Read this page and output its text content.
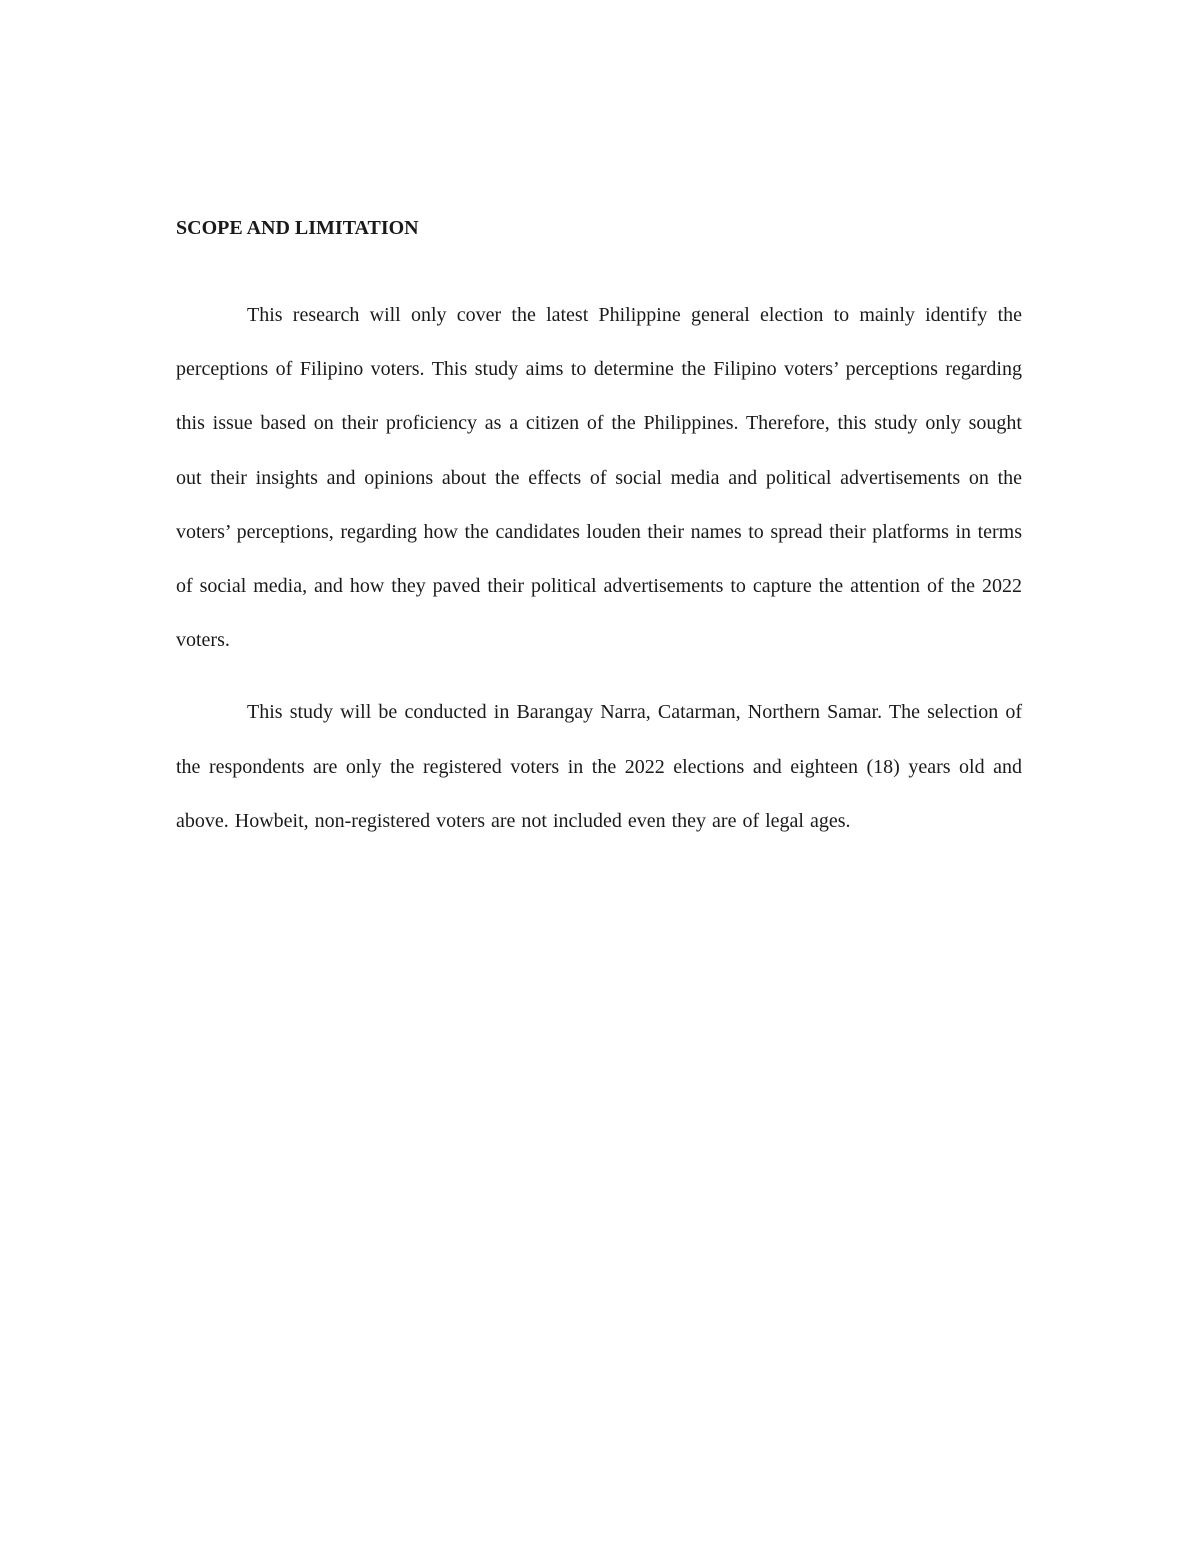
SCOPE AND LIMITATION

This research will only cover the latest Philippine general election to mainly identify the perceptions of Filipino voters. This study aims to determine the Filipino voters’ perceptions regarding this issue based on their proficiency as a citizen of the Philippines. Therefore, this study only sought out their insights and opinions about the effects of social media and political advertisements on the voters’ perceptions, regarding how the candidates louden their names to spread their platforms in terms of social media, and how they paved their political advertisements to capture the attention of the 2022 voters.

This study will be conducted in Barangay Narra, Catarman, Northern Samar. The selection of the respondents are only the registered voters in the 2022 elections and eighteen (18) years old and above. Howbeit, non-registered voters are not included even they are of legal ages.
